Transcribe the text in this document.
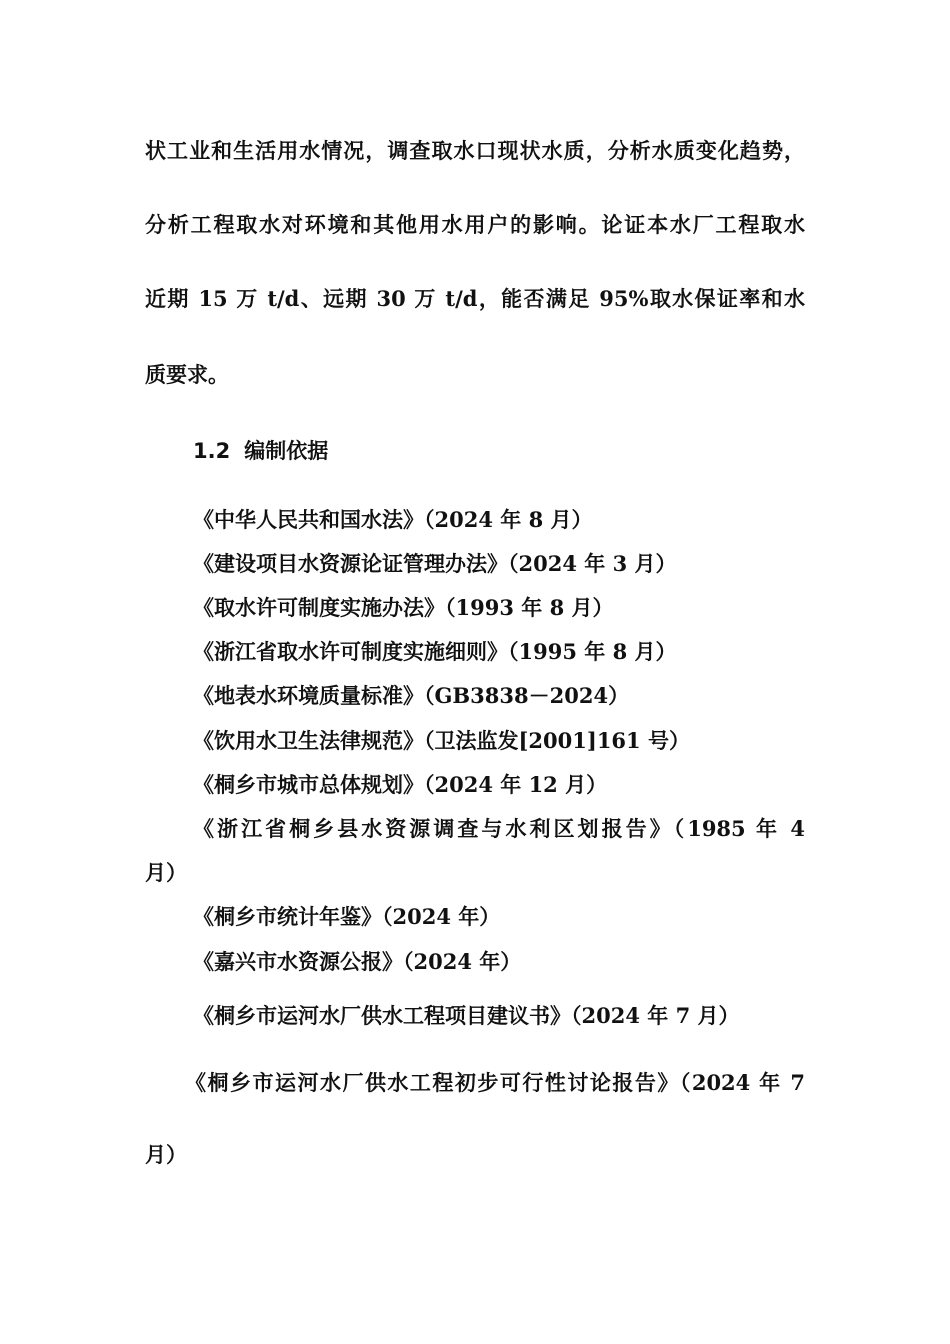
状工业和生活用水情况，调查取水口现状水质，分析水质变化趋势，
分析工程取水对环境和其他用水用户的影响。论证本水厂工程取水
近期 15 万 t/d、远期 30 万 t/d，能否满足 95%取水保证率和水
质要求。
1.2 编制依据
《中华人民共和国水法》（2024 年 8 月）
《建设项目水资源论证管理办法》（2024 年 3 月）
《取水许可制度实施办法》（1993 年 8 月）
《浙江省取水许可制度实施细则》（1995 年 8 月）
《地表水环境质量标准》（GB3838－2024）
《饮用水卫生法律规范》（卫法监发[2001]161 号）
《桐乡市城市总体规划》（2024 年 12 月）
《浙江省桐乡县水资源调查与水利区划报告》（1985 年 4
月）
《桐乡市统计年鉴》（2024 年）
《嘉兴市水资源公报》（2024 年）
《桐乡市运河水厂供水工程项目建议书》（2024 年 7 月）
《桐乡市运河水厂供水工程初步可行性讨论报告》（2024 年 7
月）
